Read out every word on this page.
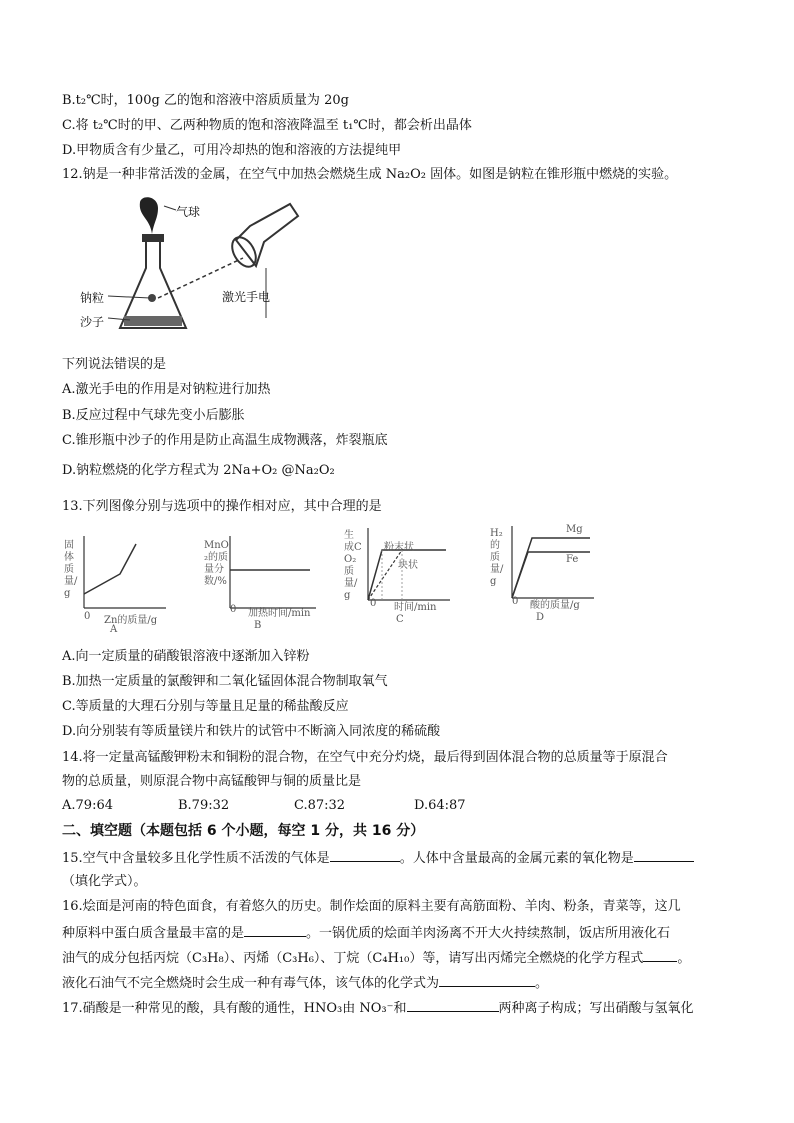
B.t₂℃时，100g 乙的饱和溶液中溶质质量为 20g
C.将 t₂℃时的甲、乙两种物质的饱和溶液降温至 t₁℃时，都会析出晶体
D.甲物质含有少量乙，可用冷却热的饱和溶液的方法提纯甲
12.钠是一种非常活泼的金属，在空气中加热会燃烧生成 Na₂O₂ 固体。如图是钠粒在锥形瓶中燃烧的实验。
气球
钠粒
沙子
激光手电
下列说法错误的是
A.激光手电的作用是对钠粒进行加热
B.反应过程中气球先变小后膨胀
C.锥形瓶中沙子的作用是防止高温生成物溅落，炸裂瓶底
D.钠粒燃烧的化学方程式为 2Na+O₂ @Na₂O₂
13.下列图像分别与选项中的操作相对应，其中合理的是
固体质量/g
0 Zn的质量/g
A
MnO₂的质量分数/%
0 加热时间/min
B
生成CO₂质量/g
0 时间/min
粉末状
块状
C
H₂的质量/g
0 酸的质量/g
Mg
Fe
D
A.向一定质量的硝酸银溶液中逐渐加入锌粉
B.加热一定质量的氯酸钾和二氧化锰固体混合物制取氧气
C.等质量的大理石分别与等量且足量的稀盐酸反应
D.向分别装有等质量镁片和铁片的试管中不断滴入同浓度的稀硫酸
14.将一定量高锰酸钾粉末和铜粉的混合物，在空气中充分灼烧，最后得到固体混合物的总质量等于原混合
物的总质量，则原混合物中高锰酸钾与铜的质量比是
A.79:64	B.79:32	C.87:32	D.64:87
二、填空题（本题包括 6 个小题，每空 1 分，共 16 分）
15.空气中含量较多且化学性质不活泼的气体是	。人体中含量最高的金属元素的氧化物是
（填化学式）。
16.烩面是河南的特色面食，有着悠久的历史。制作烩面的原料主要有高筋面粉、羊肉、粉条，青菜等，这几
种原料中蛋白质含量最丰富的是	。一锅优质的烩面羊肉汤离不开大火持续熬制，饭店所用液化石
油气的成分包括丙烷（C₃H₈）、丙烯（C₃H₆）、丁烷（C₄H₁₀）等，请写出丙烯完全燃烧的化学方程式	。
液化石油气不完全燃烧时会生成一种有毒气体，该气体的化学式为	。
17.硝酸是一种常见的酸，具有酸的通性，HNO₃由 NO₃⁻和	两种离子构成；写出硝酸与氢氧化
